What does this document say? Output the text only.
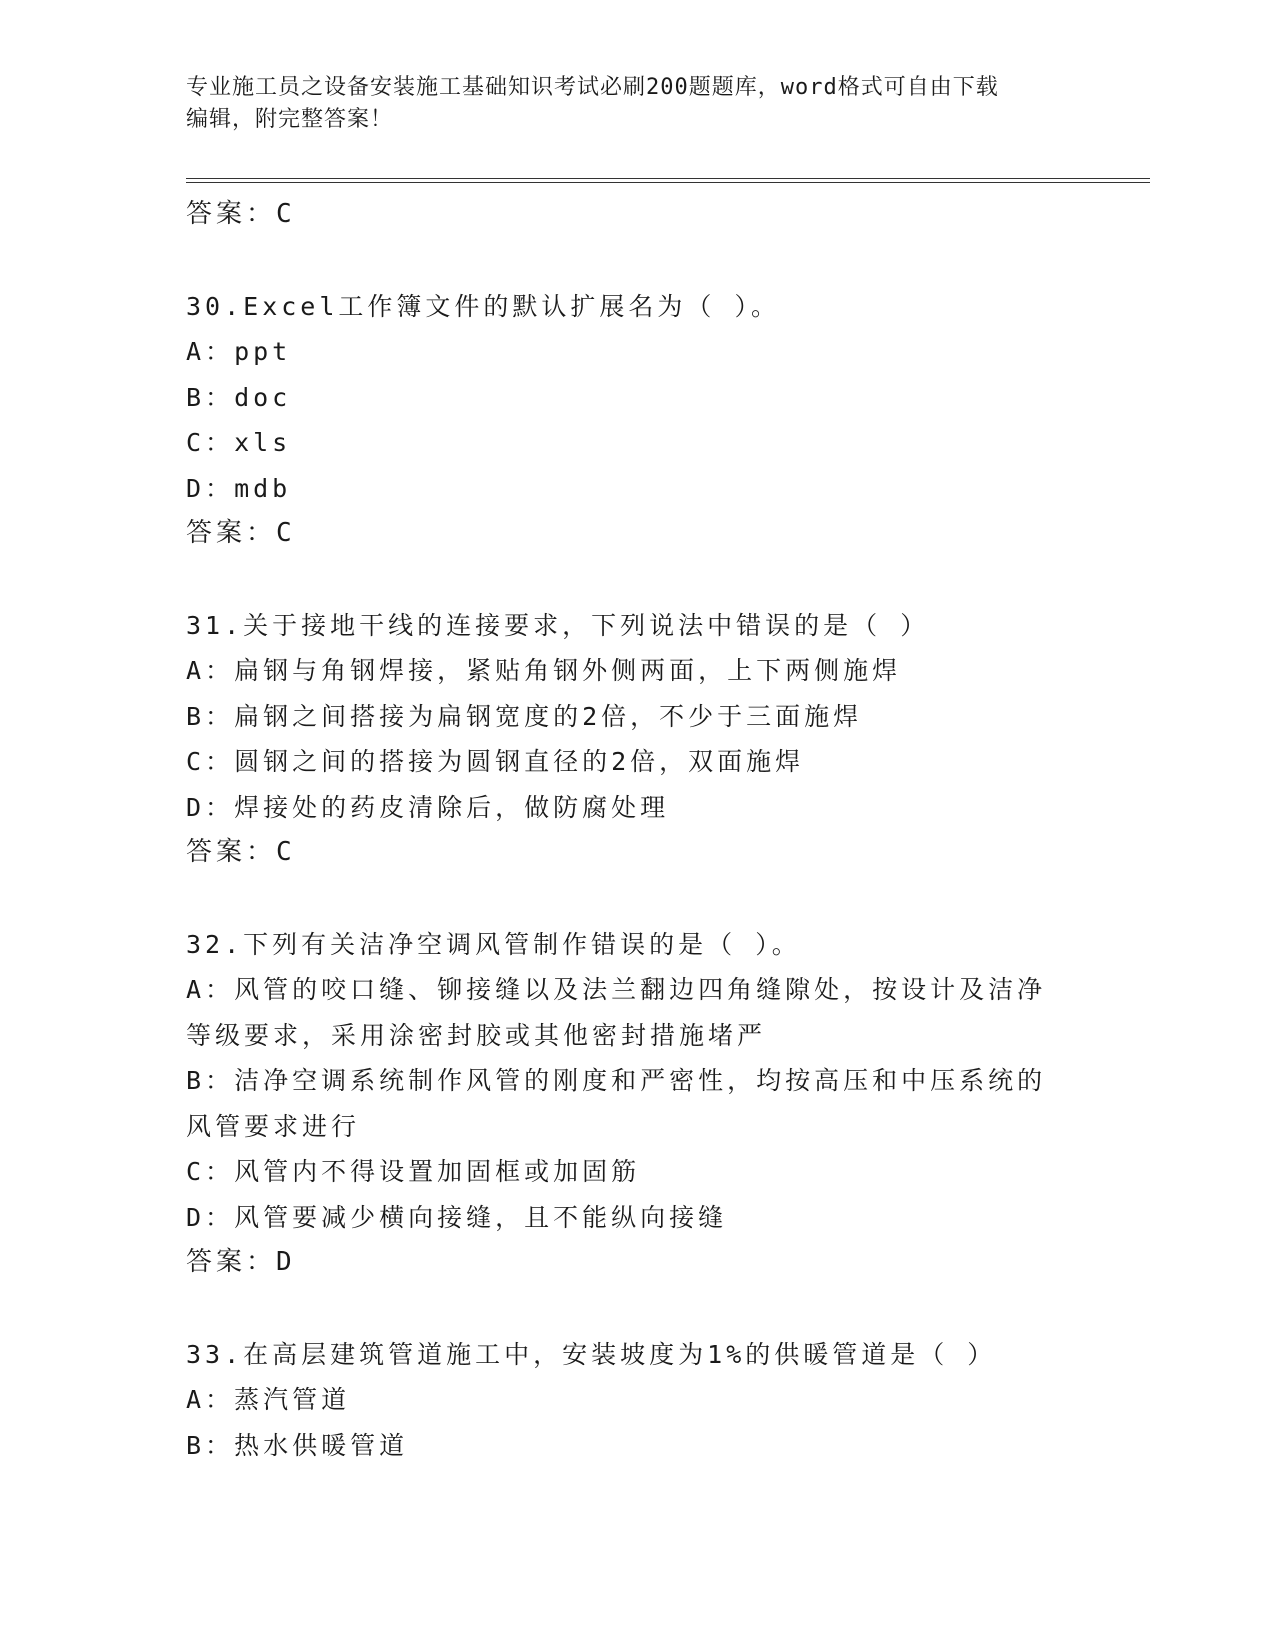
专业施工员之设备安装施工基础知识考试必刷200题题库，word格式可自由下载
编辑，附完整答案！
答案：C
30.Excel工作簿文件的默认扩展名为（ ）。
A：ppt
B：doc
C：xls
D：mdb
答案：C
31.关于接地干线的连接要求，下列说法中错误的是（ ）
A：扁钢与角钢焊接，紧贴角钢外侧两面，上下两侧施焊
B：扁钢之间搭接为扁钢宽度的2倍，不少于三面施焊
C：圆钢之间的搭接为圆钢直径的2倍，双面施焊
D：焊接处的药皮清除后，做防腐处理
答案：C
32.下列有关洁净空调风管制作错误的是（ ）。
A：风管的咬口缝、铆接缝以及法兰翻边四角缝隙处，按设计及洁净等级要求，采用涂密封胶或其他密封措施堵严
B：洁净空调系统制作风管的刚度和严密性，均按高压和中压系统的风管要求进行
C：风管内不得设置加固框或加固筋
D：风管要减少横向接缝，且不能纵向接缝
答案：D
33.在高层建筑管道施工中，安装坡度为1%的供暖管道是（ ）
A：蒸汽管道
B：热水供暖管道
